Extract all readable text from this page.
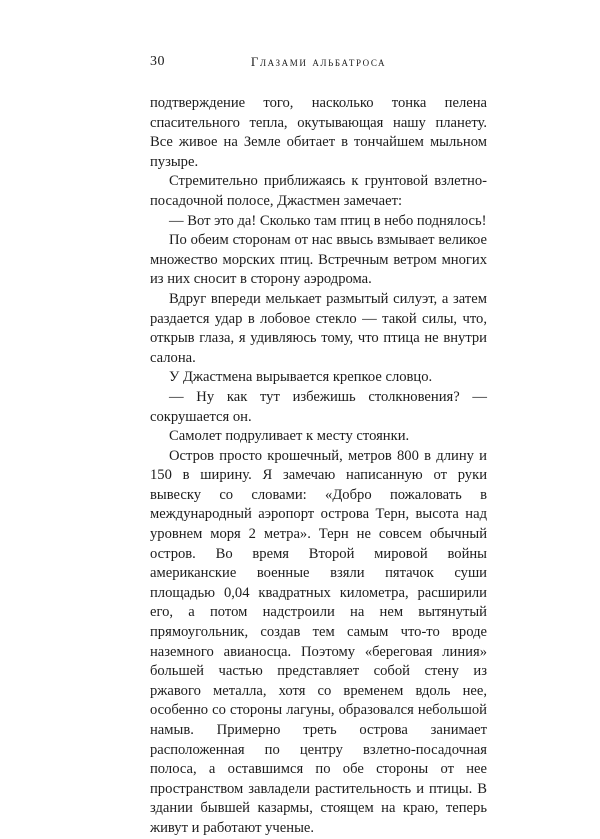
30	Глазами альбатроса

подтверждение того, насколько тонка пелена спасительного тепла, окутывающая нашу планету. Все живое на Земле обитает в тончайшем мыльном пузыре.

Стремительно приближаясь к грунтовой взлетно-посадочной полосе, Джастмен замечает:

— Вот это да! Сколько там птиц в небо поднялось!

По обеим сторонам от нас ввысь взмывает великое множество морских птиц. Встречным ветром многих из них сносит в сторону аэродрома.

Вдруг впереди мелькает размытый силуэт, а затем раздается удар в лобовое стекло — такой силы, что, открыв глаза, я удивляюсь тому, что птица не внутри салона.

У Джастмена вырывается крепкое словцо.

— Ну как тут избежишь столкновения? — сокрушается он.

Самолет подруливает к месту стоянки.

Остров просто крошечный, метров 800 в длину и 150 в ширину. Я замечаю написанную от руки вывеску со словами: «Добро пожаловать в международный аэропорт острова Терн, высота над уровнем моря 2 метра». Терн не совсем обычный остров. Во время Второй мировой войны американские военные взяли пятачок суши площадью 0,04 квадратных километра, расширили его, а потом надстроили на нем вытянутый прямоугольник, создав тем самым что-то вроде наземного авианосца. Поэтому «береговая линия» большей частью представляет собой стену из ржавого металла, хотя со временем вдоль нее, особенно со стороны лагуны, образовался небольшой намыв. Примерно треть острова занимает расположенная по центру взлетно-посадочная полоса, а оставшимся по обе стороны от нее пространством завладели растительность и птицы. В здании бывшей казармы, стоящем на краю, теперь живут и работают ученые.
